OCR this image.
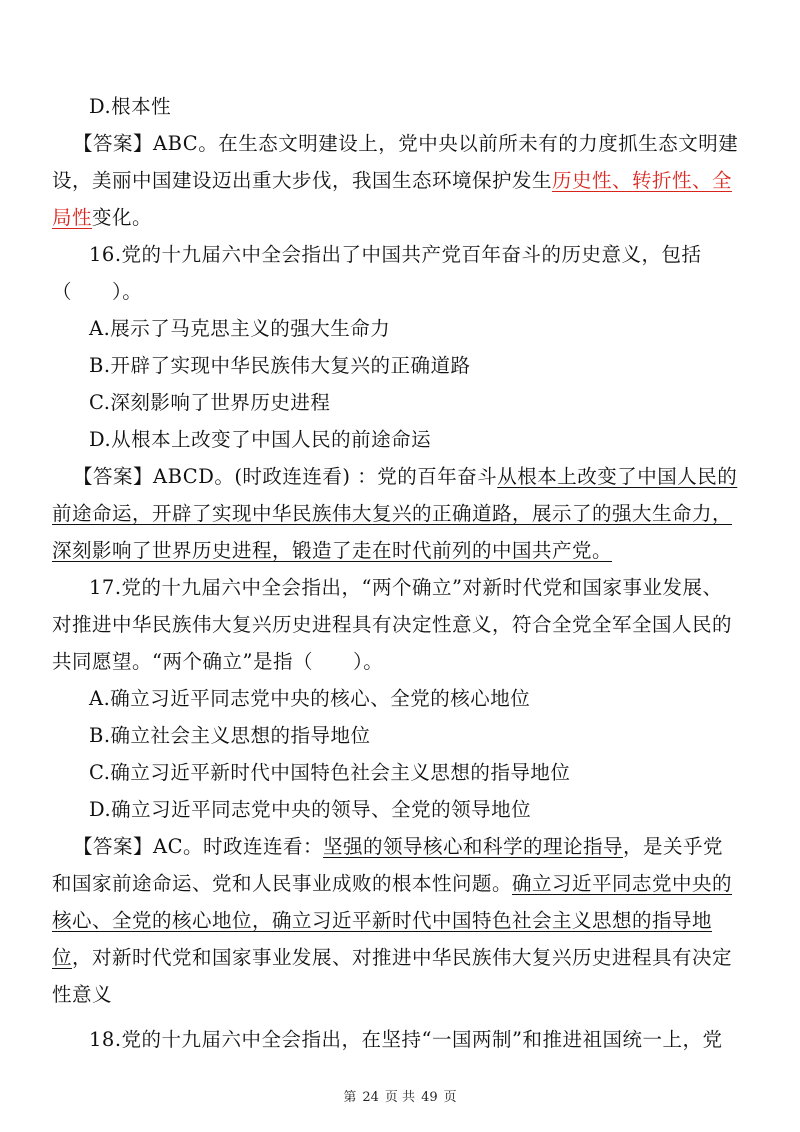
D.根本性

【答案】ABC。在生态文明建设上，党中央以前所未有的力度抓生态文明建设，美丽中国建设迈出重大步伐，我国生态环境保护发生历史性、转折性、全局性变化。

16.党的十九届六中全会指出了中国共产党百年奋斗的历史意义，包括（　　）。

A.展示了马克思主义的强大生命力

B.开辟了实现中华民族伟大复兴的正确道路

C.深刻影响了世界历史进程

D.从根本上改变了中国人民的前途命运

【答案】ABCD。(时政连连看) ：党的百年奋斗从根本上改变了中国人民的前途命运，开辟了实现中华民族伟大复兴的正确道路，展示了的强大生命力，深刻影响了世界历史进程，锻造了走在时代前列的中国共产党。

17.党的十九届六中全会指出，“两个确立”对新时代党和国家事业发展、对推进中华民族伟大复兴历史进程具有决定性意义，符合全党全军全国人民的共同愿望。“两个确立”是指（　　）。

A.确立习近平同志党中央的核心、全党的核心地位

B.确立社会主义思想的指导地位

C.确立习近平新时代中国特色社会主义思想的指导地位

D.确立习近平同志党中央的领导、全党的领导地位

【答案】AC。时政连连看：坚强的领导核心和科学的理论指导，是关乎党和国家前途命运、党和人民事业成败的根本性问题。确立习近平同志党中央的核心、全党的核心地位，确立习近平新时代中国特色社会主义思想的指导地位，对新时代党和国家事业发展、对推进中华民族伟大复兴历史进程具有决定性意义

18.党的十九届六中全会指出，在坚持“一国两制”和推进祖国统一上，党

第 24 页 共 49 页
